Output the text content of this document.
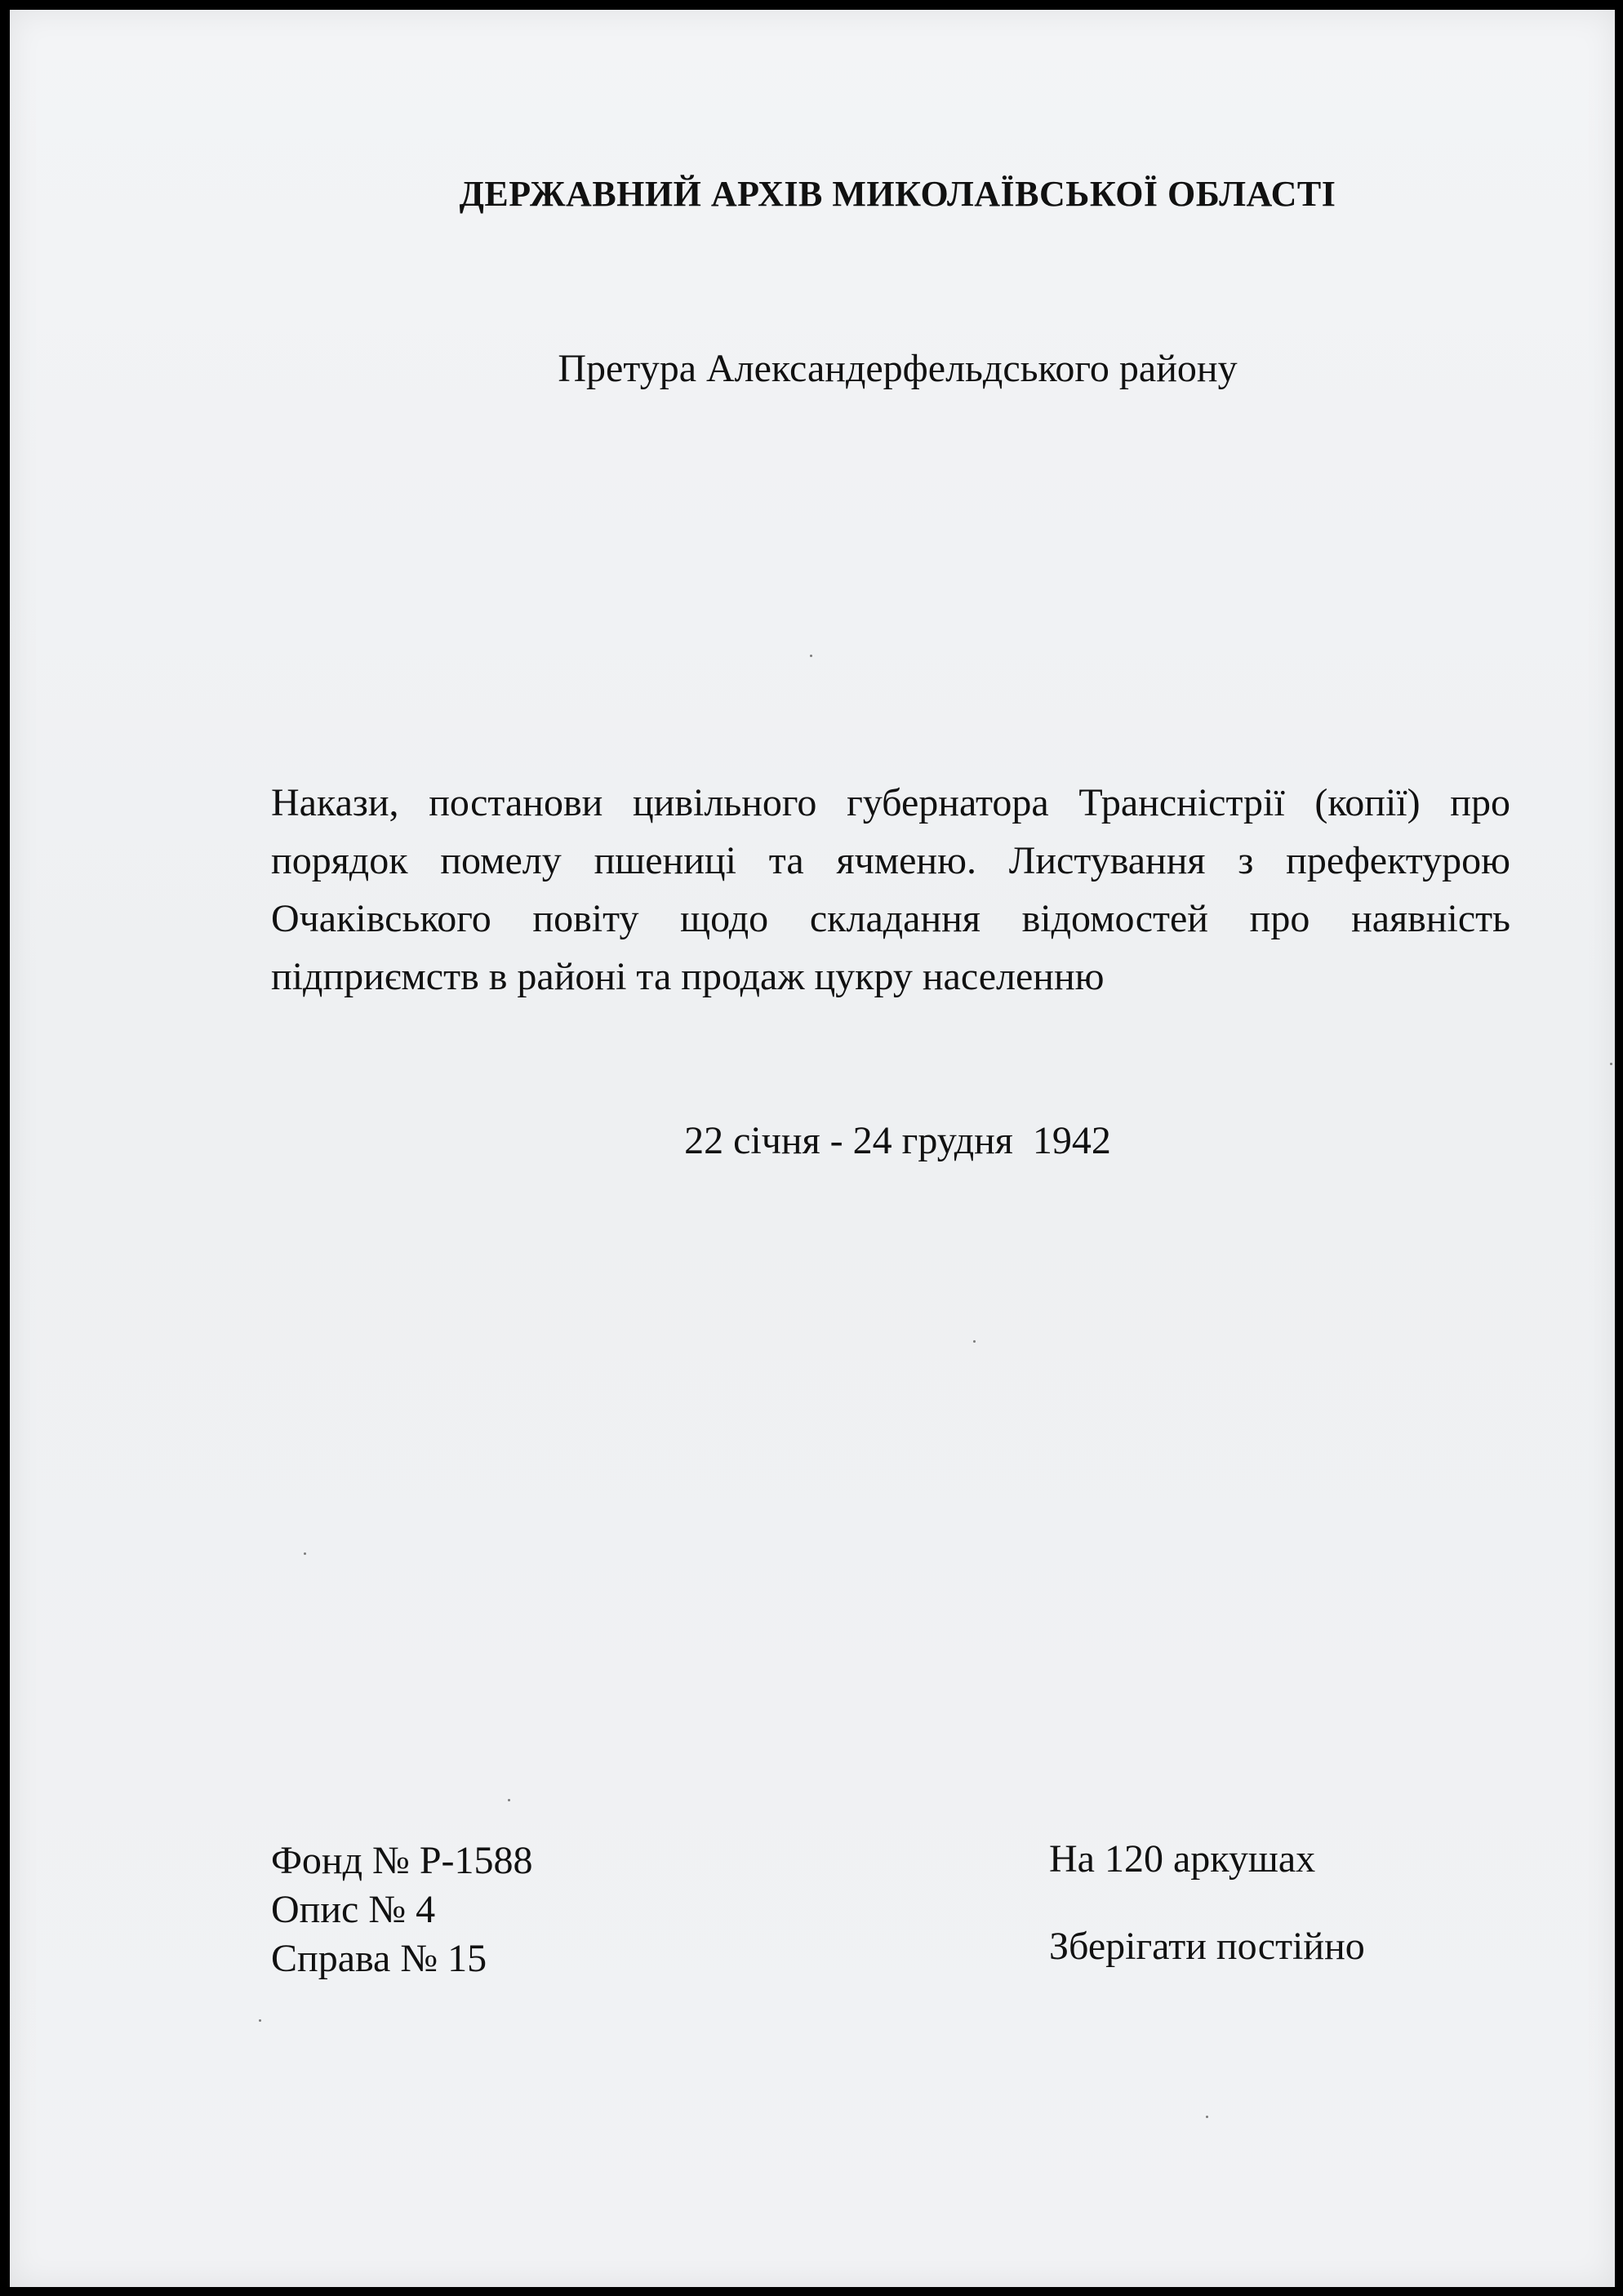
ДЕРЖАВНИЙ АРХІВ МИКОЛАЇВСЬКОЇ ОБЛАСТІ
Претура Александерфельдського району
Накази, постанови цивільного губернатора Трансністрії (копії) про порядок помелу пшениці та ячменю. Листування з префектурою Очаківського повіту щодо складання відомостей про наявність підприємств в районі та продаж цукру населенню
22 січня - 24 грудня  1942
Фонд № Р-1588
Опис № 4
Справа № 15
На 120 аркушах
Зберігати постійно
